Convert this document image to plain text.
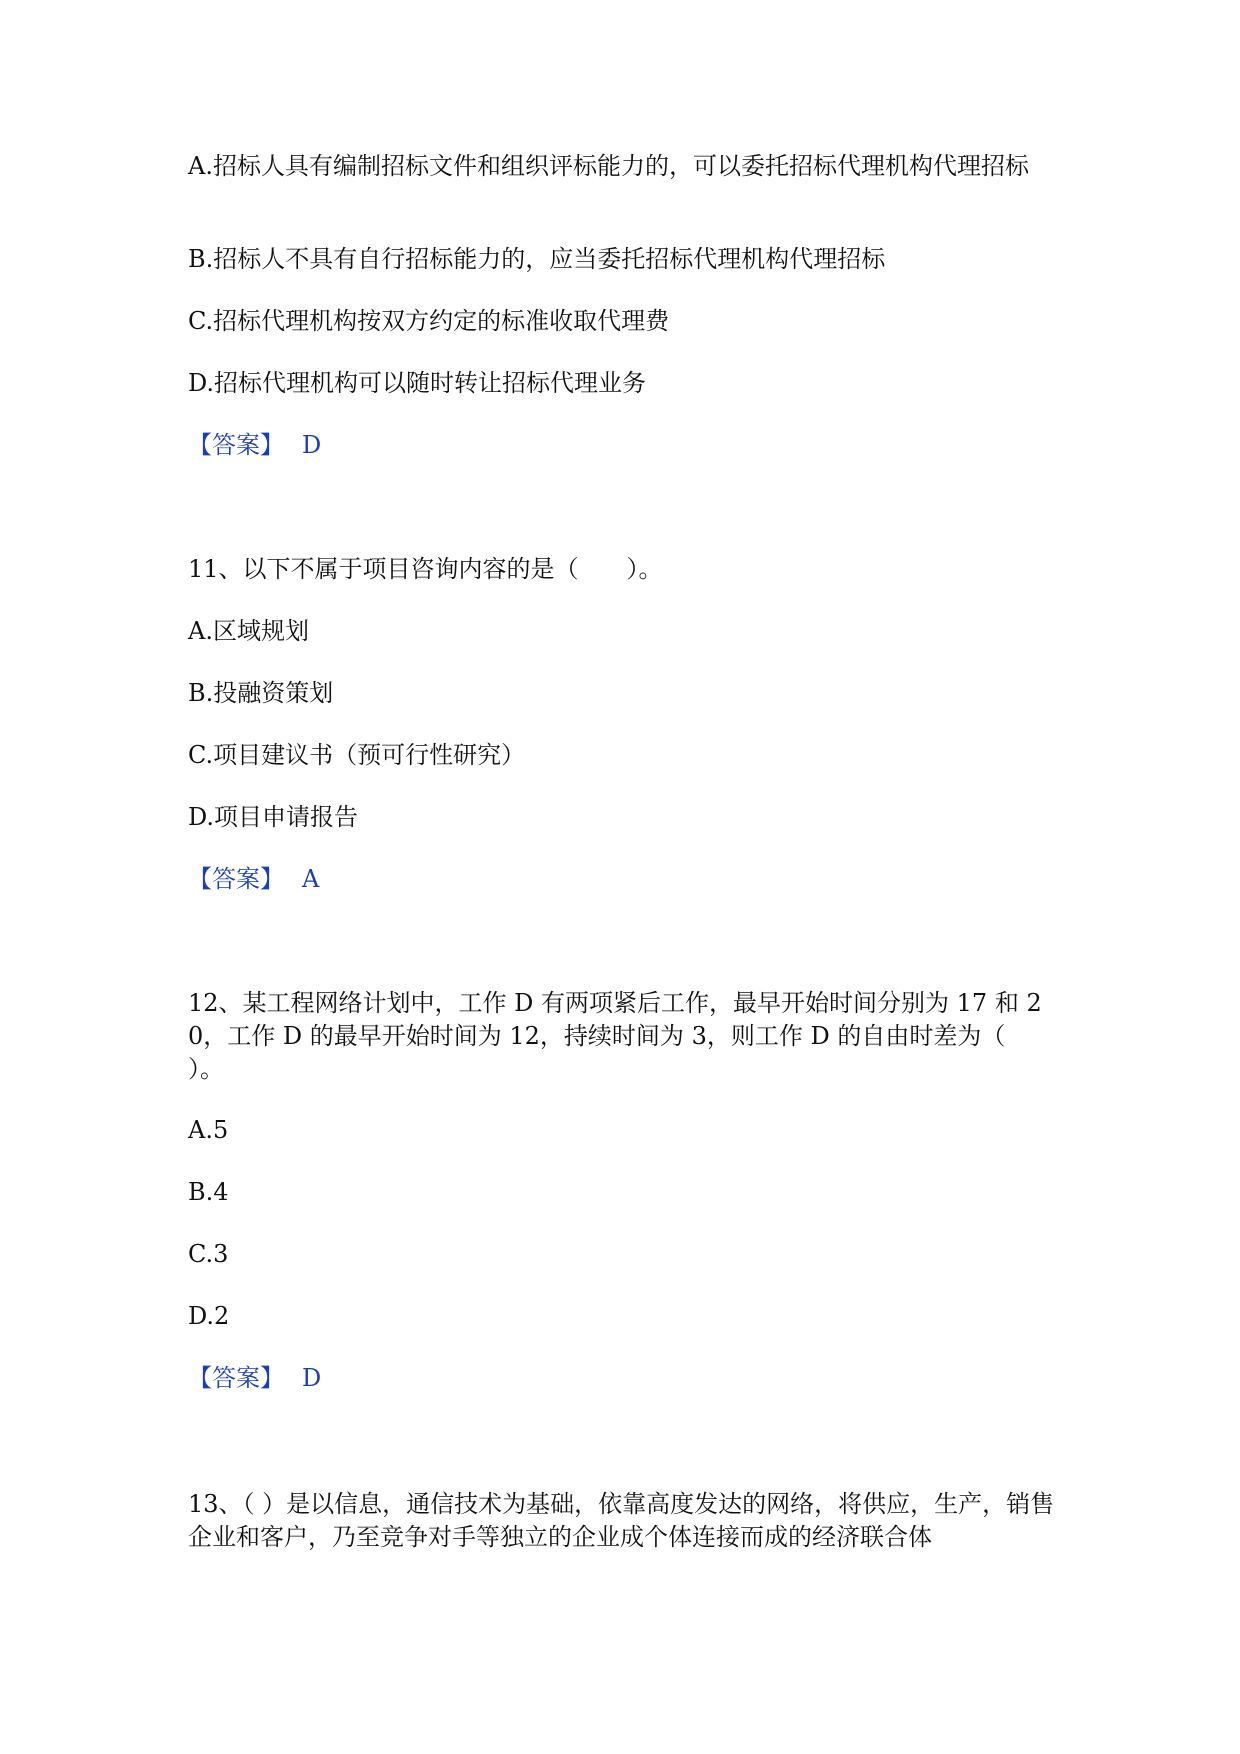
A.招标人具有编制招标文件和组织评标能力的，可以委托招标代理机构代理招标
B.招标人不具有自行招标能力的，应当委托招标代理机构代理招标
C.招标代理机构按双方约定的标准收取代理费
D.招标代理机构可以随时转让招标代理业务
【答案】 D
11、以下不属于项目咨询内容的是（　　）。
A.区域规划
B.投融资策划
C.项目建议书（预可行性研究）
D.项目申请报告
【答案】 A
12、某工程网络计划中，工作 D 有两项紧后工作，最早开始时间分别为 17 和 20，工作 D 的最早开始时间为 12，持续时间为 3，则工作 D 的自由时差为（　　）。
A.5
B.4
C.3
D.2
【答案】 D
13、（ ）是以信息，通信技术为基础，依靠高度发达的网络，将供应，生产，销售企业和客户，乃至竞争对手等独立的企业成个体连接而成的经济联合体
